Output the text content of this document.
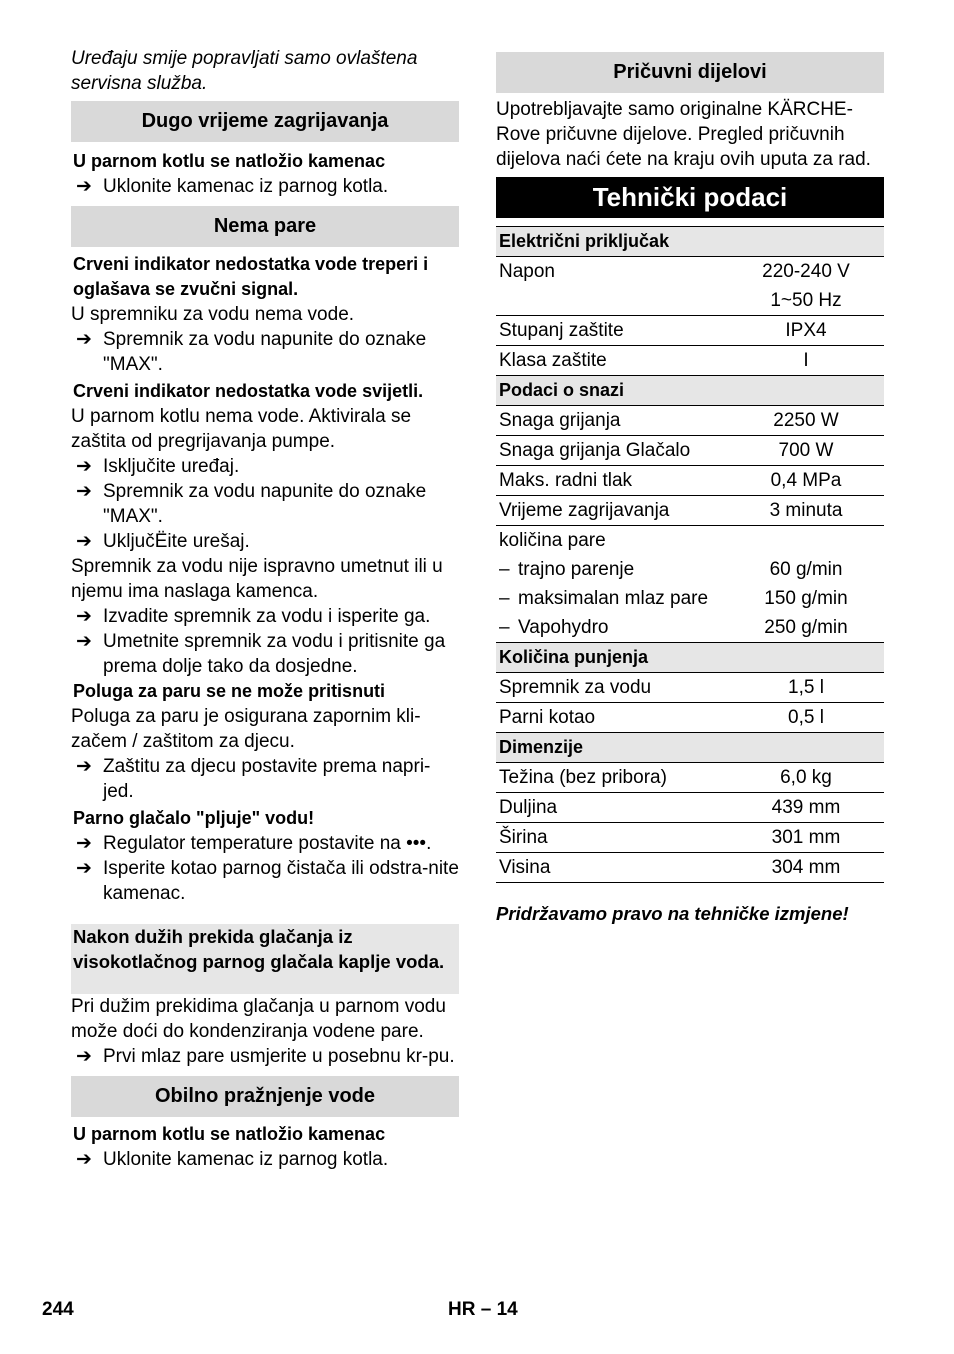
Uređaju smije popravljati samo ovlaštena servisna služba.

Dugo vrijeme zagrijavanja
U parnom kotlu se natložio kamenac
➔ Uklonite kamenac iz parnog kotla.
Nema pare
Crveni indikator nedostatka vode treperi i oglašava se zvučni signal.

U spremniku za vodu nema vode.

➔ Spremnik za vodu napunite do oznake "MAX".
Crveni indikator nedostatka vode svijetli.

U parnom kotlu nema vode. Aktivirala se zaštita od pregrijavanja pumpe.

➔ Isključite uređaj.
➔ Spremnik za vodu napunite do oznake "MAX".
➔ UključËite urešaj.

Spremnik za vodu nije ispravno umetnut ili u njemu ima naslaga kamenca.

➔ Izvadite spremnik za vodu i isperite ga.
➔ Umetnite spremnik za vodu i pritisnite ga prema dolje tako da dosjedne.
Poluga za paru se ne može pritisnuti

Poluga za paru je osigurana zapornim kli-začem / zaštitom za djecu.

➔ Zaštitu za djecu postavite prema napri-jed.
Parno glačalo "pljuje" vodu!
➔ Regulator temperature postavite na •••.
➔ Isperite kotao parnog čistača ili odstra-nite kamenac.
Nakon dužih prekida glačanja iz visokotlačnog parnog glačala kaplje voda.

Pri dužim prekidima glačanja u parnom vodu može doći do kondenziranja vodene pare.

➔ Prvi mlaz pare usmjerite u posebnu kr-pu.
Obilno pražnjenje vode
U parnom kotlu se natložio kamenac
➔ Uklonite kamenac iz parnog kotla.
Pričuvni dijelovi

Upotrebljavajte samo originalne KÄRCHE-Rove pričuvne dijelove. Pregled pričuvnih dijelova naći ćete na kraju ovih uputa za rad.

Tehnički podaci
Električni priključak	
Napon	220-240 V
	1~50 Hz
Stupanj zaštite	IPX4
Klasa zaštite	I
Podaci o snazi	
Snaga grijanja	2250 W
Snaga grijanja Glačalo	700 W
Maks. radni tlak	0,4 MPa
Vrijeme zagrijavanja	3 minuta
količina pare	
– trajno parenje	60 g/min
– maksimalan mlaz pare	150 g/min
– Vapohydro	250 g/min
Količina punjenja	
Spremnik za vodu	1,5 l
Parni kotao	0,5 l
Dimenzije	
Težina (bez pribora)	6,0 kg
Duljina	439 mm
Širina	301 mm
Visina	304 mm

Pridržavamo pravo na tehničke izmjene!

244	HR – 14
